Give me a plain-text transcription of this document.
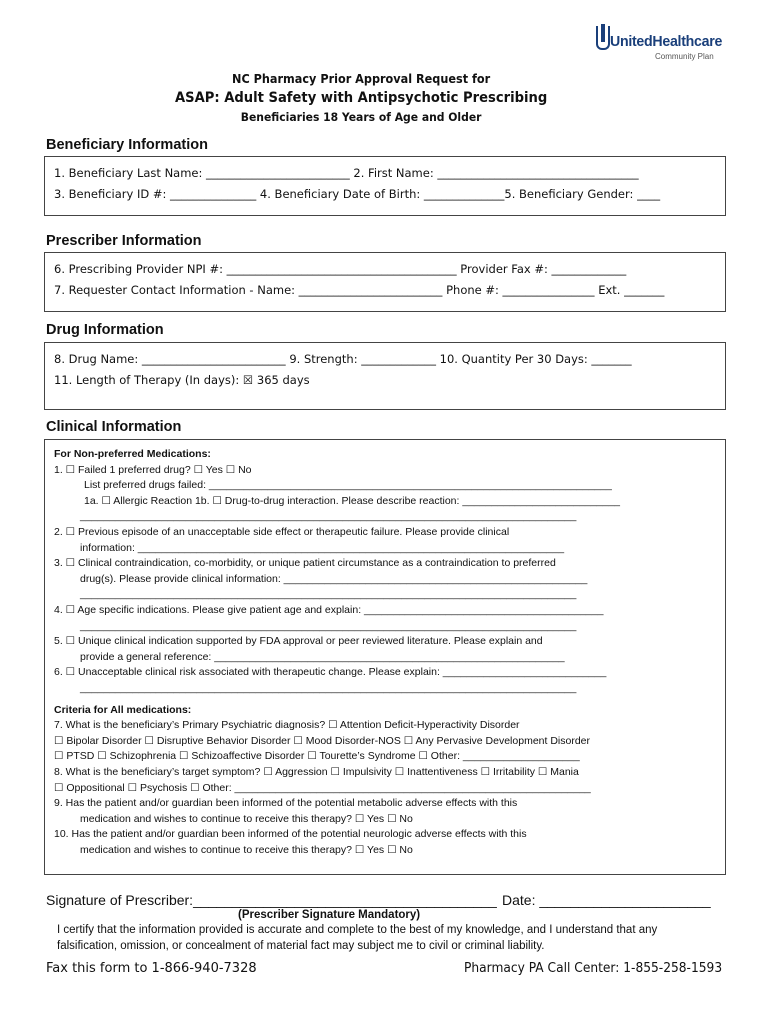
UnitedHealthcare
Community Plan
NC Pharmacy Prior Approval Request for
ASAP: Adult Safety with Antipsychotic Prescribing
Beneficiaries 18 Years of Age and Older
Beneficiary Information
1. Beneficiary Last Name: _________________________ 2. First Name: ___________________________________
3. Beneficiary ID #: _______________ 4. Beneficiary Date of Birth: ______________5. Beneficiary Gender: ____
Prescriber Information
6. Prescribing Provider NPI #: ________________________________________ Provider Fax #: _____________
7. Requester Contact Information - Name: _________________________ Phone #: ________________ Ext. _______
Drug Information
8. Drug Name: _________________________ 9. Strength: _____________ 10. Quantity Per 30 Days: _______
11. Length of Therapy (In days): ☒ 365 days
Clinical Information
For Non-preferred Medications:
1. ☐ Failed 1 preferred drug? ☐ Yes ☐ No
List preferred drugs failed: _____________________________________________________________________
1a. ☐ Allergic Reaction 1b. ☐ Drug-to-drug interaction. Please describe reaction: ___________________________
_____________________________________________________________________________________
2. ☐ Previous episode of an unacceptable side effect or therapeutic failure. Please provide clinical
information: _________________________________________________________________________
3. ☐ Clinical contraindication, co-morbidity, or unique patient circumstance as a contraindication to preferred
drug(s). Please provide clinical information: ____________________________________________________
_____________________________________________________________________________________
4. ☐ Age specific indications. Please give patient age and explain: _________________________________________
_____________________________________________________________________________________
5. ☐ Unique clinical indication supported by FDA approval or peer reviewed literature. Please explain and
provide a general reference: ____________________________________________________________
6. ☐ Unacceptable clinical risk associated with therapeutic change. Please explain: ____________________________
_____________________________________________________________________________________
Criteria for All medications:
7. What is the beneficiary’s Primary Psychiatric diagnosis? ☐ Attention Deficit-Hyperactivity Disorder
☐ Bipolar Disorder ☐ Disruptive Behavior Disorder ☐ Mood Disorder-NOS ☐ Any Pervasive Development Disorder
☐ PTSD ☐ Schizophrenia ☐ Schizoaffective Disorder ☐ Tourette’s Syndrome ☐ Other: ____________________
8. What is the beneficiary’s target symptom? ☐ Aggression ☐ Impulsivity ☐ Inattentiveness ☐ Irritability ☐ Mania
☐ Oppositional ☐ Psychosis ☐ Other: _____________________________________________________________
9. Has the patient and/or guardian been informed of the potential metabolic adverse effects with this
medication and wishes to continue to receive this therapy? ☐ Yes ☐ No
10. Has the patient and/or guardian been informed of the potential neurologic adverse effects with this
medication and wishes to continue to receive this therapy? ☐ Yes ☐ No
Signature of Prescriber:_______________________________________ Date: ______________________
(Prescriber Signature Mandatory)
I certify that the information provided is accurate and complete to the best of my knowledge, and I understand that any
falsification, omission, or concealment of material fact may subject me to civil or criminal liability.
Fax this form to 1-866-940-7328	Pharmacy PA Call Center: 1-855-258-1593
